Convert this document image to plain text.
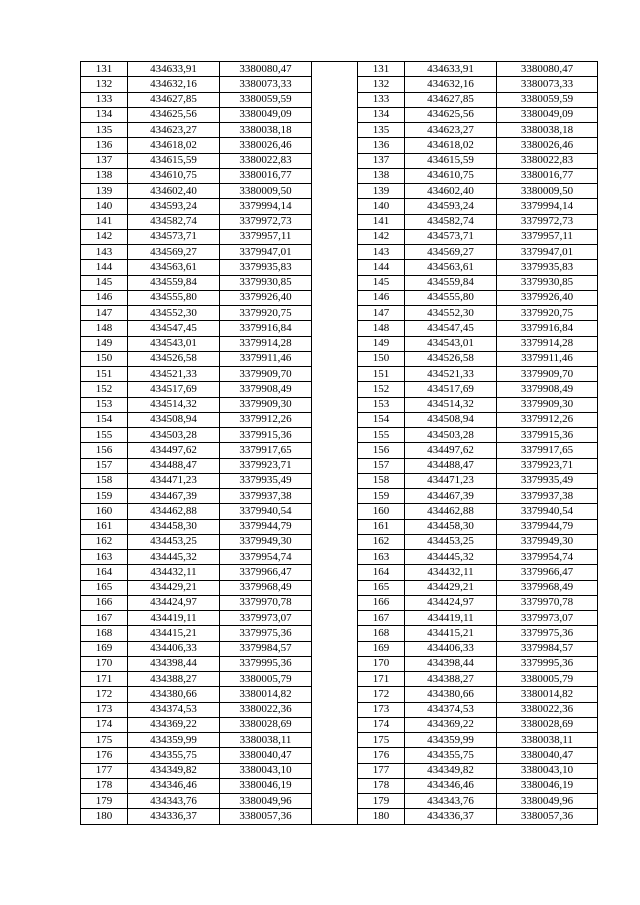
131	434633,91	3380080,47		131	434633,91	3380080,47
132	434632,16	3380073,33		132	434632,16	3380073,33
133	434627,85	3380059,59		133	434627,85	3380059,59
134	434625,56	3380049,09		134	434625,56	3380049,09
135	434623,27	3380038,18		135	434623,27	3380038,18
136	434618,02	3380026,46		136	434618,02	3380026,46
137	434615,59	3380022,83		137	434615,59	3380022,83
138	434610,75	3380016,77		138	434610,75	3380016,77
139	434602,40	3380009,50		139	434602,40	3380009,50
140	434593,24	3379994,14		140	434593,24	3379994,14
141	434582,74	3379972,73		141	434582,74	3379972,73
142	434573,71	3379957,11		142	434573,71	3379957,11
143	434569,27	3379947,01		143	434569,27	3379947,01
144	434563,61	3379935,83		144	434563,61	3379935,83
145	434559,84	3379930,85		145	434559,84	3379930,85
146	434555,80	3379926,40		146	434555,80	3379926,40
147	434552,30	3379920,75		147	434552,30	3379920,75
148	434547,45	3379916,84		148	434547,45	3379916,84
149	434543,01	3379914,28		149	434543,01	3379914,28
150	434526,58	3379911,46		150	434526,58	3379911,46
151	434521,33	3379909,70		151	434521,33	3379909,70
152	434517,69	3379908,49		152	434517,69	3379908,49
153	434514,32	3379909,30		153	434514,32	3379909,30
154	434508,94	3379912,26		154	434508,94	3379912,26
155	434503,28	3379915,36		155	434503,28	3379915,36
156	434497,62	3379917,65		156	434497,62	3379917,65
157	434488,47	3379923,71		157	434488,47	3379923,71
158	434471,23	3379935,49		158	434471,23	3379935,49
159	434467,39	3379937,38		159	434467,39	3379937,38
160	434462,88	3379940,54		160	434462,88	3379940,54
161	434458,30	3379944,79		161	434458,30	3379944,79
162	434453,25	3379949,30		162	434453,25	3379949,30
163	434445,32	3379954,74		163	434445,32	3379954,74
164	434432,11	3379966,47		164	434432,11	3379966,47
165	434429,21	3379968,49		165	434429,21	3379968,49
166	434424,97	3379970,78		166	434424,97	3379970,78
167	434419,11	3379973,07		167	434419,11	3379973,07
168	434415,21	3379975,36		168	434415,21	3379975,36
169	434406,33	3379984,57		169	434406,33	3379984,57
170	434398,44	3379995,36		170	434398,44	3379995,36
171	434388,27	3380005,79		171	434388,27	3380005,79
172	434380,66	3380014,82		172	434380,66	3380014,82
173	434374,53	3380022,36		173	434374,53	3380022,36
174	434369,22	3380028,69		174	434369,22	3380028,69
175	434359,99	3380038,11		175	434359,99	3380038,11
176	434355,75	3380040,47		176	434355,75	3380040,47
177	434349,82	3380043,10		177	434349,82	3380043,10
178	434346,46	3380046,19		178	434346,46	3380046,19
179	434343,76	3380049,96		179	434343,76	3380049,96
180	434336,37	3380057,36		180	434336,37	3380057,36
